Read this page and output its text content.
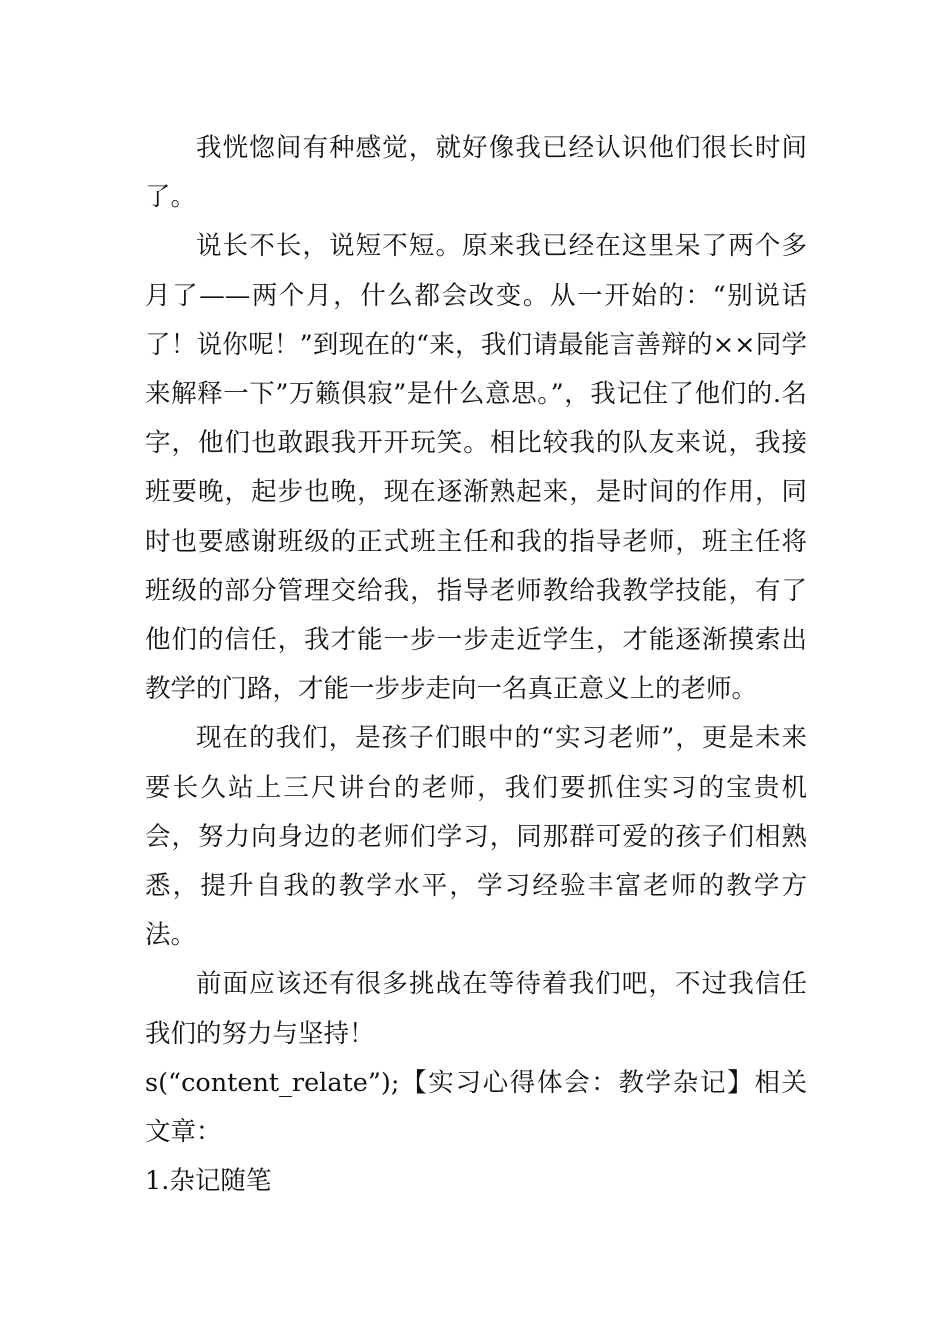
我恍惚间有种感觉，就好像我已经认识他们很长时间了。

说长不长，说短不短。原来我已经在这里呆了两个多月了——两个月，什么都会改变。从一开始的：“别说话了！说你呢！”到现在的“来，我们请最能言善辩的××同学来解释一下”万籁俱寂”是什么意思。”，我记住了他们的.名字，他们也敢跟我开开玩笑。相比较我的队友来说，我接班要晚，起步也晚，现在逐渐熟起来，是时间的作用，同时也要感谢班级的正式班主任和我的指导老师，班主任将班级的部分管理交给我，指导老师教给我教学技能，有了他们的信任，我才能一步一步走近学生，才能逐渐摸索出教学的门路，才能一步步走向一名真正意义上的老师。

现在的我们，是孩子们眼中的“实习老师”，更是未来要长久站上三尺讲台的老师，我们要抓住实习的宝贵机会，努力向身边的老师们学习，同那群可爱的孩子们相熟悉，提升自我的教学水平，学习经验丰富老师的教学方法。

前面应该还有很多挑战在等待着我们吧，不过我信任我们的努力与坚持！

s(“content_relate”);【实习心得体会：教学杂记】相关文章：

1.杂记随笔
